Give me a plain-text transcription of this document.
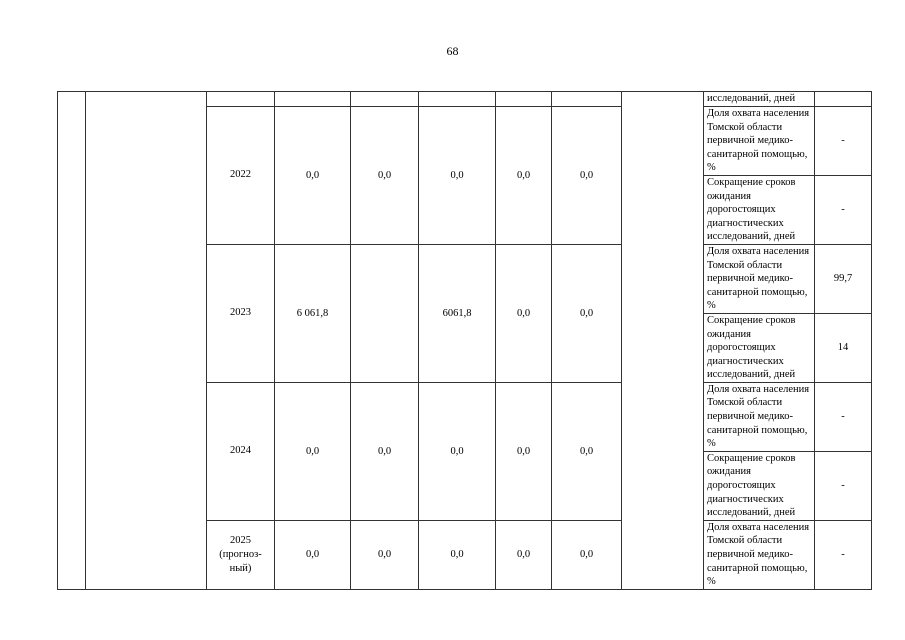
68
									исследований, дней	
		2022	0,0	0,0	0,0	0,0	0,0		Доля охвата населения Томской области первичной медико-санитарной помощью, %	-
									Сокращение сроков ожидания дорогостоящих диагностических исследований, дней	-
		2023	6 061,8		6061,8	0,0	0,0		Доля охвата населения Томской области первичной медико-санитарной помощью, %	99,7
									Сокращение сроков ожидания дорогостоящих диагностических исследований, дней	14
		2024	0,0	0,0	0,0	0,0	0,0		Доля охвата населения Томской области первичной медико-санитарной помощью, %	-
									Сокращение сроков ожидания дорогостоящих диагностических исследований, дней	-
		2025 (прогноз-ный)	0,0	0,0	0,0	0,0	0,0		Доля охвата населения Томской области первичной медико-санитарной помощью, %	-
